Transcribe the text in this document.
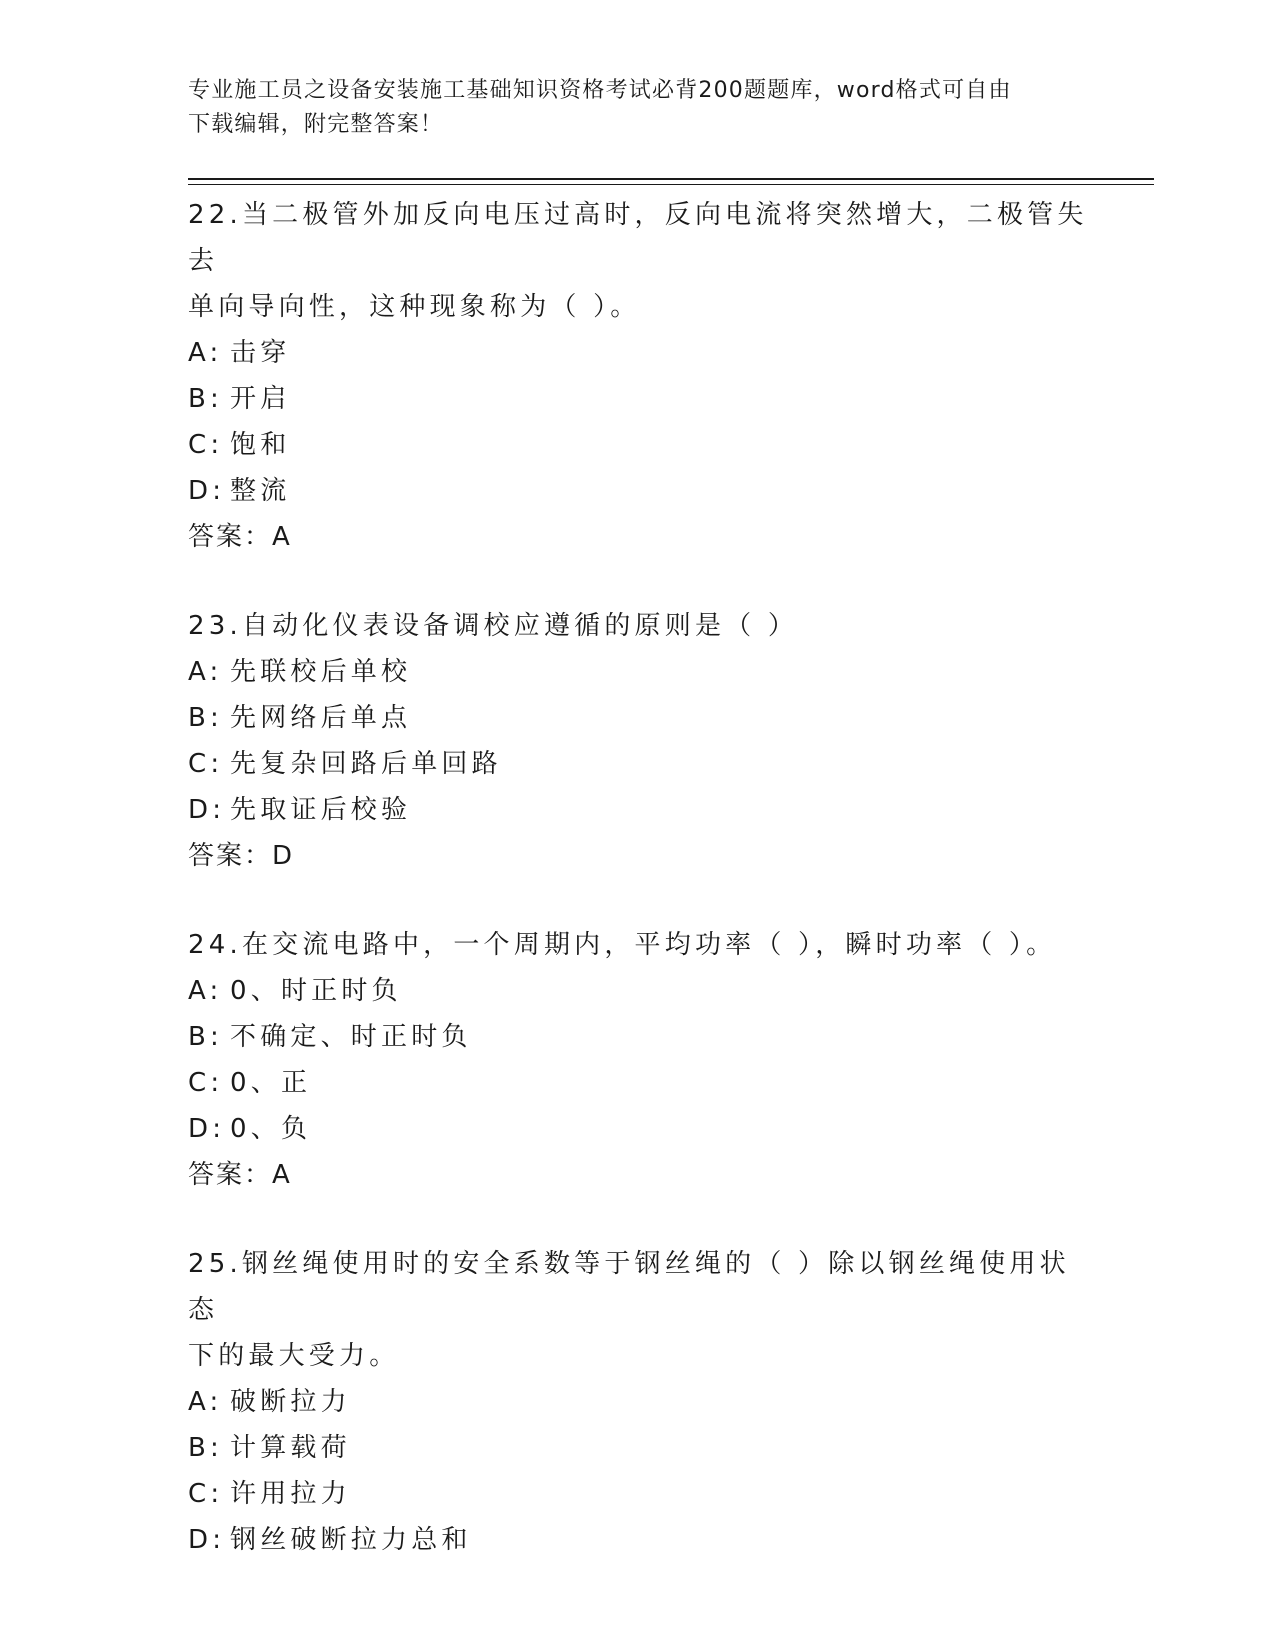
专业施工员之设备安装施工基础知识资格考试必背200题题库，word格式可自由
下载编辑，附完整答案！

22.当二极管外加反向电压过高时，反向电流将突然增大，二极管失去

单向导向性，这种现象称为（ ）。

A: 击穿

B: 开启

C: 饱和

D: 整流

答案：A

23.自动化仪表设备调校应遵循的原则是（ ）

A: 先联校后单校

B: 先网络后单点

C: 先复杂回路后单回路

D: 先取证后校验

答案：D

24.在交流电路中，一个周期内，平均功率（ ），瞬时功率（ ）。

A: 0、时正时负

B: 不确定、时正时负

C: 0、正

D: 0、负

答案：A

25.钢丝绳使用时的安全系数等于钢丝绳的（ ）除以钢丝绳使用状态

下的最大受力。

A: 破断拉力

B: 计算载荷

C: 许用拉力

D: 钢丝破断拉力总和
